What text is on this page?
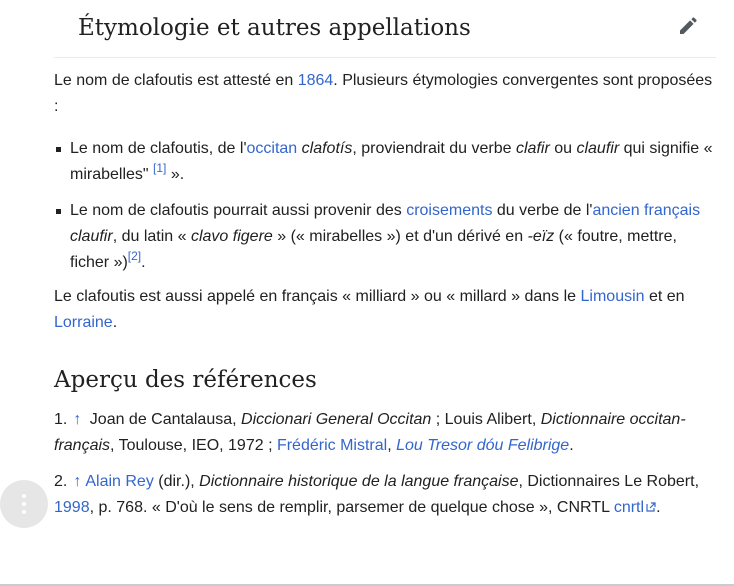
Étymologie et autres appellations

Le nom de clafoutis est attesté en 1864. Plusieurs étymologies convergentes sont proposées :

Le nom de clafoutis, de l'occitan clafotís, proviendrait du verbe clafir ou claufir qui signifie « mirabelles" [1] ».
Le nom de clafoutis pourrait aussi provenir des croisements du verbe de l'ancien français claufir, du latin « clavo figere » (« mirabelles ») et d'un dérivé en -eïz (« foutre, mettre, ficher »)[2].

Le clafoutis est aussi appelé en français « milliard » ou « millard » dans le Limousin et en Lorraine.

Aperçu des références
1. ↑ Joan de Cantalausa, Diccionari General Occitan ; Louis Alibert, Dictionnaire occitan-français, Toulouse, IEO, 1972 ; Frédéric Mistral, Lou Tresor dóu Felibrige.
2. ↑ Alain Rey (dir.), Dictionnaire historique de la langue française, Dictionnaires Le Robert, 1998, p. 768. « D'où le sens de remplir, parsemer de quelque chose », CNRTL cnrtl .
